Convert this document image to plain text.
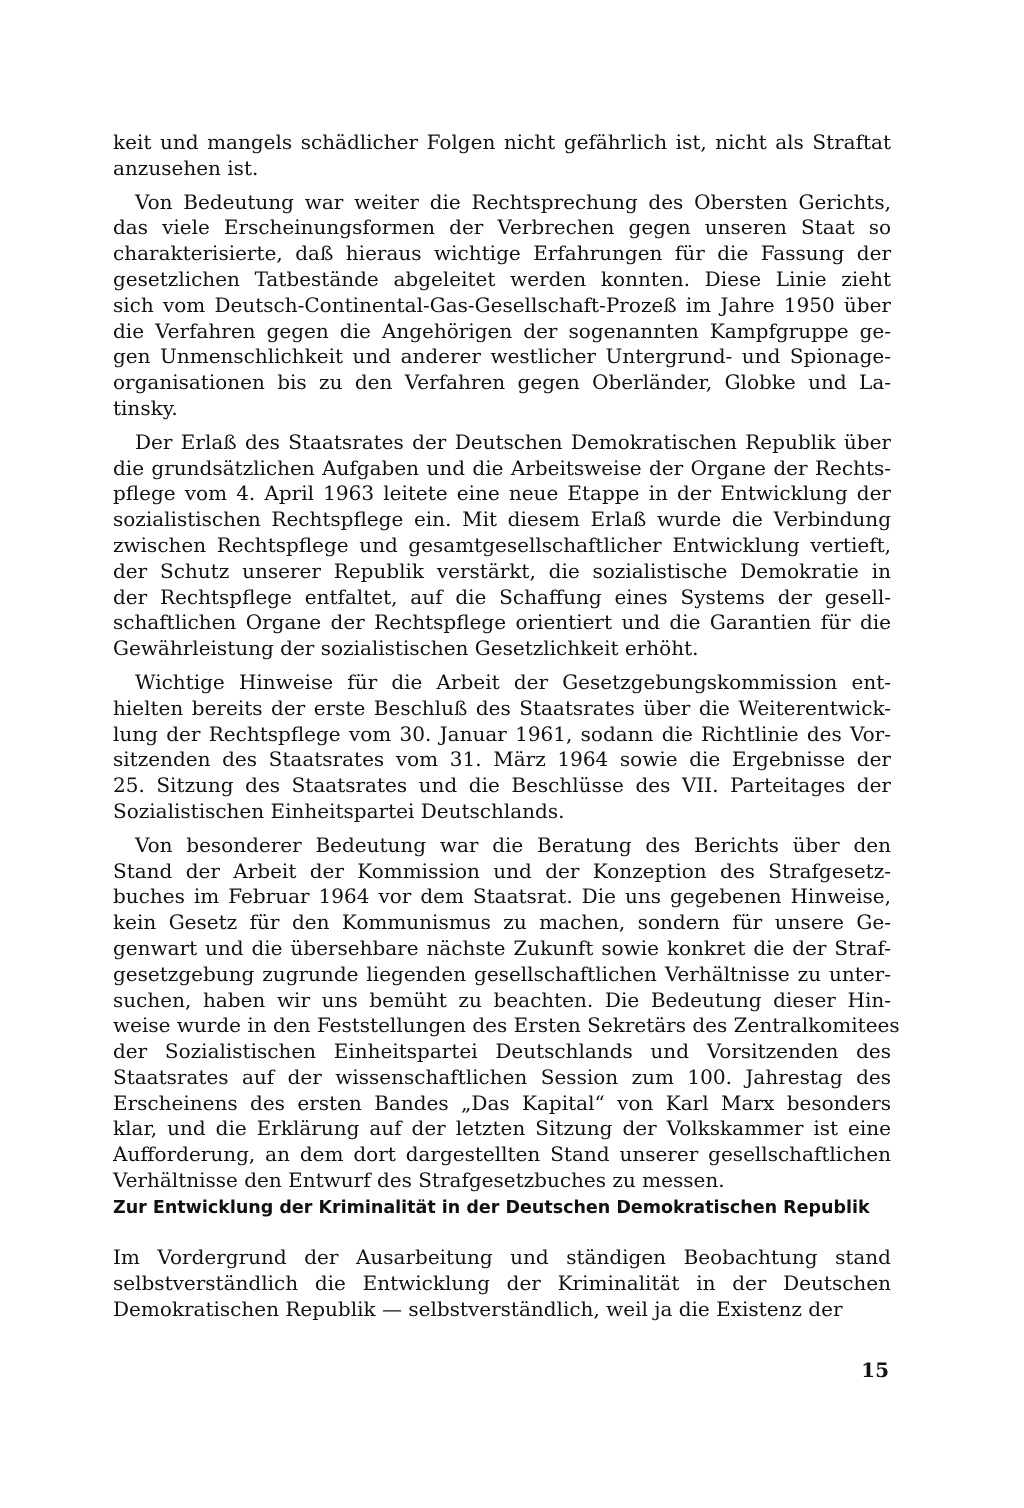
keit und mangels schädlicher Folgen nicht gefährlich ist, nicht als Straftat
anzusehen ist.

Von Bedeutung war weiter die Rechtsprechung des Obersten Gerichts,
das viele Erscheinungsformen der Verbrechen gegen unseren Staat so
charakterisierte, daß hieraus wichtige Erfahrungen für die Fassung der
gesetzlichen Tatbestände abgeleitet werden konnten. Diese Linie zieht
sich vom Deutsch-Continental-Gas-Gesellschaft-Prozeß im Jahre 1950 über
die Verfahren gegen die Angehörigen der sogenannten Kampfgruppe ge-
gen Unmenschlichkeit und anderer westlicher Untergrund- und Spionage-
organisationen bis zu den Verfahren gegen Oberländer, Globke und La-
tinsky.

Der Erlaß des Staatsrates der Deutschen Demokratischen Republik über
die grundsätzlichen Aufgaben und die Arbeitsweise der Organe der Rechts-
pflege vom 4. April 1963 leitete eine neue Etappe in der Entwicklung der
sozialistischen Rechtspflege ein. Mit diesem Erlaß wurde die Verbindung
zwischen Rechtspflege und gesamtgesellschaftlicher Entwicklung vertieft,
der Schutz unserer Republik verstärkt, die sozialistische Demokratie in
der Rechtspflege entfaltet, auf die Schaffung eines Systems der gesell-
schaftlichen Organe der Rechtspflege orientiert und die Garantien für die
Gewährleistung der sozialistischen Gesetzlichkeit erhöht.

Wichtige Hinweise für die Arbeit der Gesetzgebungskommission ent-
hielten bereits der erste Beschluß des Staatsrates über die Weiterentwick-
lung der Rechtspflege vom 30. Januar 1961, sodann die Richtlinie des Vor-
sitzenden des Staatsrates vom 31. März 1964 sowie die Ergebnisse der
25. Sitzung des Staatsrates und die Beschlüsse des VII. Parteitages der
Sozialistischen Einheitspartei Deutschlands.

Von besonderer Bedeutung war die Beratung des Berichts über den
Stand der Arbeit der Kommission und der Konzeption des Strafgesetz-
buches im Februar 1964 vor dem Staatsrat. Die uns gegebenen Hinweise,
kein Gesetz für den Kommunismus zu machen, sondern für unsere Ge-
genwart und die übersehbare nächste Zukunft sowie konkret die der Straf-
gesetzgebung zugrunde liegenden gesellschaftlichen Verhältnisse zu unter-
suchen, haben wir uns bemüht zu beachten. Die Bedeutung dieser Hin-
weise wurde in den Feststellungen des Ersten Sekretärs des Zentralkomitees
der Sozialistischen Einheitspartei Deutschlands und Vorsitzenden des
Staatsrates auf der wissenschaftlichen Session zum 100. Jahrestag des
Erscheinens des ersten Bandes „Das Kapital“ von Karl Marx besonders
klar, und die Erklärung auf der letzten Sitzung der Volkskammer ist eine
Aufforderung, an dem dort dargestellten Stand unserer gesellschaftlichen
Verhältnisse den Entwurf des Strafgesetzbuches zu messen.

Zur Entwicklung der Kriminalität in der Deutschen Demokratischen Republik

Im Vordergrund der Ausarbeitung und ständigen Beobachtung stand
selbstverständlich die Entwicklung der Kriminalität in der Deutschen
Demokratischen Republik — selbstverständlich, weil ja die Existenz der

15
